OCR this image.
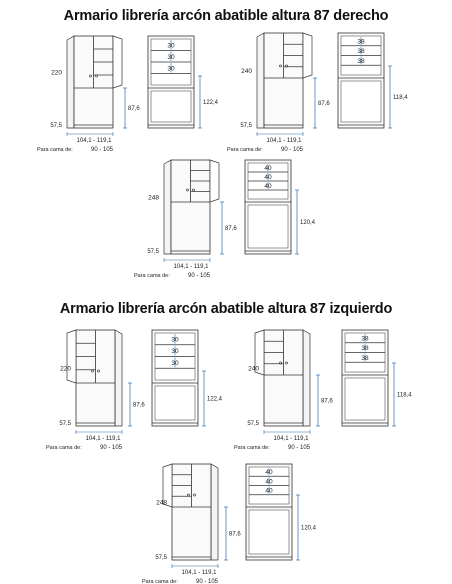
Armario librería arcón abatible altura 87 derecho
Armario librería arcón abatible altura 87 izquierdo
220
57,5
87,6
104,1 - 119,1
Para cama de:	90 - 105
30
30
30
122,4
240
57,5
87,6
104,1 - 119,1
Para cama de:	90 - 105
38
38
38
118,4
248
57,5
87,6
104,1 - 119,1
Para cama de:	90 - 105
40
40
40
120,4
220
57,5
87,6
104,1 - 119,1
Para cama de:	90 - 105
30
30
30
122,4
240
57,5
87,6
104,1 - 119,1
Para cama de:	90 - 105
38
38
38
118,4
248
57,5
87,6
104,1 - 119,1
Para cama de:	90 - 105
40
40
40
120,4
